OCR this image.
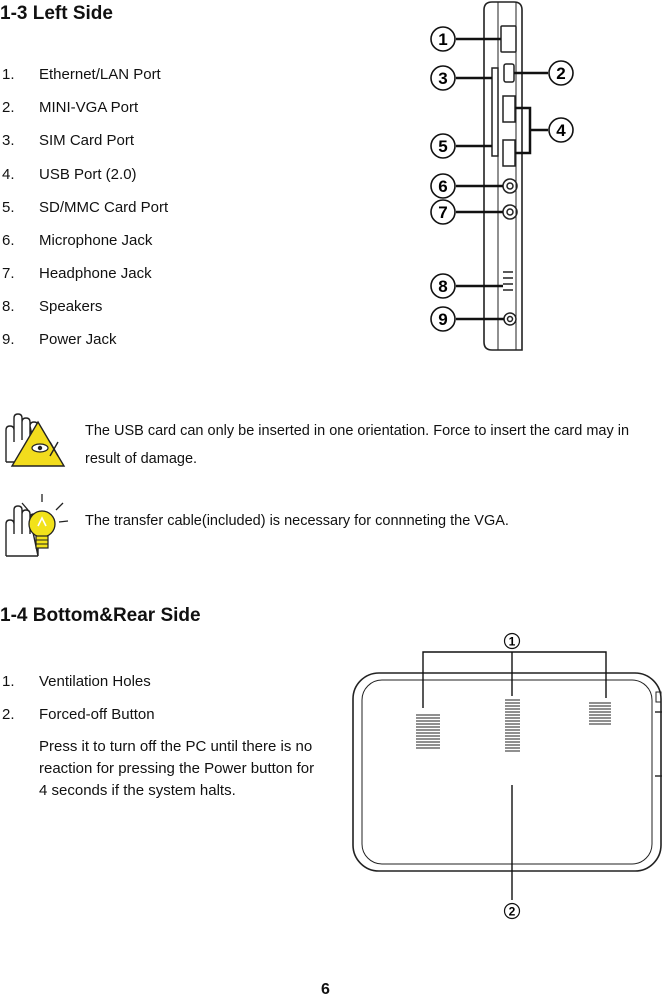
1-3 Left Side
1. Ethernet/LAN Port
2. MINI-VGA Port
3. SIM Card Port
4. USB Port (2.0)
5. SD/MMC Card Port
6. Microphone Jack
7. Headphone Jack
8. Speakers
9. Power Jack
1
2
3
4
5
6
7
8
9
The USB card can only be inserted in one orientation. Force to insert the card may in result of damage.
The transfer cable(included) is necessary for connneting the VGA.
1-4 Bottom&Rear Side
1. Ventilation Holes
2. Forced-off Button
Press it to turn off the PC until there is no reaction for pressing the Power button for 4 seconds if the system halts.
1
2
6
